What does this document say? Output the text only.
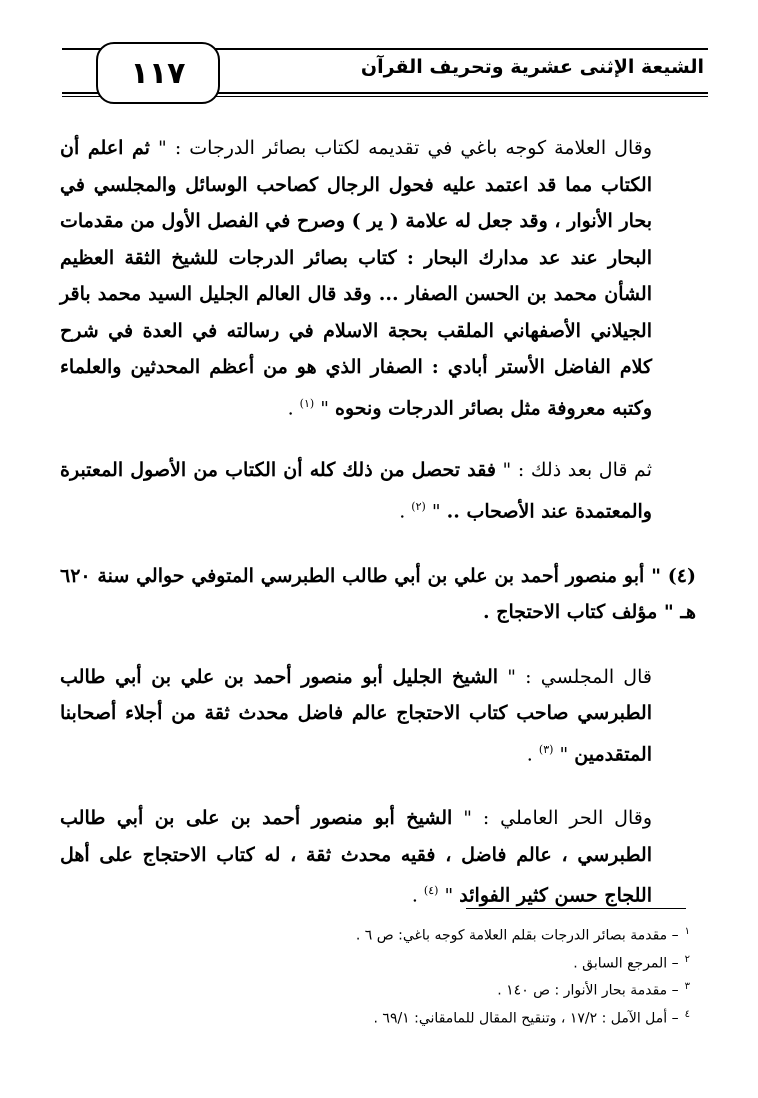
١١٧	الشيعة الإثنى عشرية وتحريف القرآن

وقال العلامة كوجه باغي في تقديمه لكتاب بصائر الدرجات : " ثم اعلم أن الكتاب مما قد اعتمد عليه فحول الرجال كصاحب الوسائل والمجلسي في بحار الأنوار ، وقد جعل له علامة ( ير ) وصرح في الفصل الأول من مقدمات البحار عند عد مدارك البحار : كتاب بصائر الدرجات للشيخ الثقة العظيم الشأن محمد بن الحسن الصفار ... وقد قال العالم الجليل السيد محمد باقر الجيلاني الأصفهاني الملقب بحجة الاسلام في رسالته في العدة في شرح كلام الفاضل الأستر أبادي : الصفار الذي هو من أعظم المحدثين والعلماء وكتبه معروفة مثل بصائر الدرجات ونحوه " $^{(١)}$ .

ثم قال بعد ذلك : " فقد تحصل من ذلك كله أن الكتاب من الأصول المعتبرة والمعتمدة عند الأصحاب .. " $^{(٢)}$ .

(٤) " أبو منصور أحمد بن علي بن أبي طالب الطبرسي المتوفي حوالي سنة ٦٢٠ هـ " مؤلف كتاب الاحتجاج .

قال المجلسي : " الشيخ الجليل أبو منصور أحمد بن علي بن أبي طالب الطبرسي صاحب كتاب الاحتجاج عالم فاضل محدث ثقة من أجلاء أصحابنا المتقدمين " $^{(٣)}$ .

وقال الحر العاملي : " الشيخ أبو منصور أحمد بن على بن أبي طالب الطبرسي ، عالم فاضل ، فقيه محدث ثقة ، له كتاب الاحتجاج على أهل اللجاج حسن كثير الفوائد " $^{(٤)}$ .

$^١$– مقدمة بصائر الدرجات بقلم العلامة كوجه باغي: ص ٦ .
$^٢$– المرجع السابق .
$^٣$– مقدمة بحار الأنوار : ص ١٤٠ .
$^٤$– أمل الآمل : ١٧/٢ ، وتنقيح المقال للمامقاني: ٦٩/١ .
